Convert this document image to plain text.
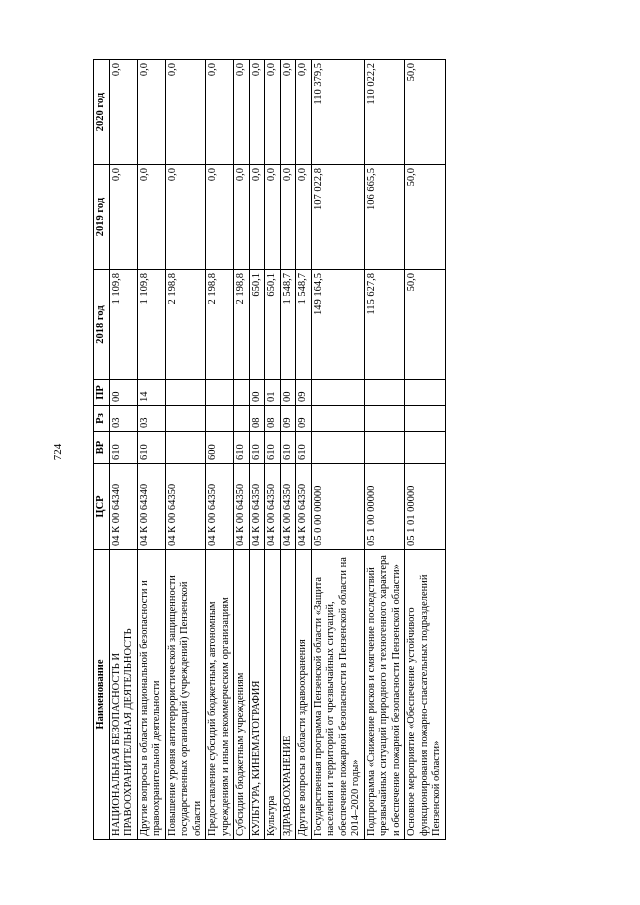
724
Наименование	ЦСР	ВР	Рз	ПР	2018 год	2019 год	2020 год
НАЦИОНАЛЬНАЯ БЕЗОПАСНОСТЬ И ПРАВООХРАНИТЕЛЬНАЯ ДЕЯТЕЛЬНОСТЬ	04 К 00 64340	610	03	00	1 109,8	0,0	0,0
Другие вопросы в области национальной безопасности и правоохранительной деятельности	04 К 00 64340	610	03	14	1 109,8	0,0	0,0
Повышение уровня антитеррористической защищенности государственных организаций (учреждений) Пензенской области	04 К 00 64350				2 198,8	0,0	0,0
Предоставление субсидий бюджетным, автономным учреждениям и иным некоммерческим организациям	04 К 00 64350	600			2 198,8	0,0	0,0
Субсидии бюджетным учреждениям	04 К 00 64350	610			2 198,8	0,0	0,0
КУЛЬТУРА, КИНЕМАТОГРАФИЯ	04 К 00 64350	610	08	00	650,1	0,0	0,0
Культура	04 К 00 64350	610	08	01	650,1	0,0	0,0
ЗДРАВООХРАНЕНИЕ	04 К 00 64350	610	09	00	1 548,7	0,0	0,0
Другие вопросы в области здравоохранения	04 К 00 64350	610	09	09	1 548,7	0,0	0,0
Государственная программа Пензенской области «Защита населения и территорий от чрезвычайных ситуаций, обеспечение пожарной безопасности в Пензенской области на 2014–2020 годы»	05 0 00 00000				149 164,5	107 022,8	110 379,5
Подпрограмма «Снижение рисков и смягчение последствий чрезвычайных ситуаций природного и техногенного характера и обеспечение пожарной безопасности Пензенской области»	05 1 00 00000				115 627,8	106 665,5	110 022,2
Основное мероприятие «Обеспечение устойчивого функционирования пожарно-спасательных подразделений Пензенской области»	05 1 01 00000				50,0	50,0	50,0
